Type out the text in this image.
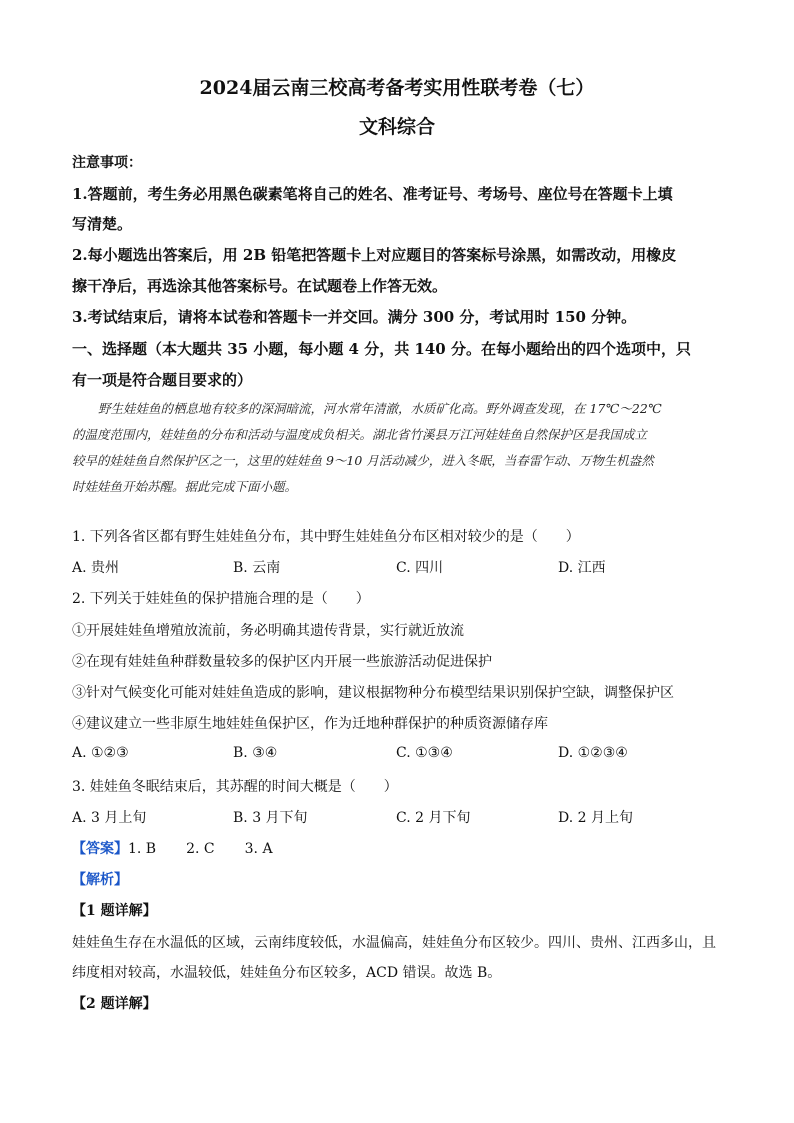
2024届云南三校高考备考实用性联考卷（七）
文科综合
注意事项：
1.答题前，考生务必用黑色碳素笔将自己的姓名、准考证号、考场号、座位号在答题卡上填
写清楚。
2.每小题选出答案后，用 2B 铅笔把答题卡上对应题目的答案标号涂黑，如需改动，用橡皮
擦干净后，再选涂其他答案标号。在试题卷上作答无效。
3.考试结束后，请将本试卷和答题卡一并交回。满分 300 分，考试用时 150 分钟。
一、选择题（本大题共 35 小题，每小题 4 分，共 140 分。在每小题给出的四个选项中，只
有一项是符合题目要求的）

野生娃娃鱼的栖息地有较多的深洞暗流，河水常年清澈，水质矿化高。野外调查发现，在 17℃～22℃

的温度范围内，娃娃鱼的分布和活动与温度成负相关。湖北省竹溪县万江河娃娃鱼自然保护区是我国成立

较早的娃娃鱼自然保护区之一，这里的娃娃鱼 9～10 月活动减少，进入冬眠，当春雷乍动、万物生机盎然

时娃娃鱼开始苏醒。据此完成下面小题。

1. 下列各省区都有野生娃娃鱼分布，其中野生娃娃鱼分布区相对较少的是（　　）
A. 贵州	B. 云南	C. 四川	D. 江西
2. 下列关于娃娃鱼的保护措施合理的是（　　）
①开展娃娃鱼增殖放流前，务必明确其遗传背景，实行就近放流
②在现有娃娃鱼种群数量较多的保护区内开展一些旅游活动促进保护
③针对气候变化可能对娃娃鱼造成的影响，建议根据物种分布模型结果识别保护空缺，调整保护区
④建议建立一些非原生地娃娃鱼保护区，作为迁地种群保护的种质资源储存库
A. ①②③	B. ③④	C. ①③④	D. ①②③④
3. 娃娃鱼冬眠结束后，其苏醒的时间大概是（　　）
A. 3 月上旬	B. 3 月下旬	C. 2 月下旬	D. 2 月上旬
【答案】1. B 2. C 3. A
【解析】
【1 题详解】
娃娃鱼生存在水温低的区域，云南纬度较低，水温偏高，娃娃鱼分布区较少。四川、贵州、江西多山，且
纬度相对较高，水温较低，娃娃鱼分布区较多，ACD 错误。故选 B。
【2 题详解】
